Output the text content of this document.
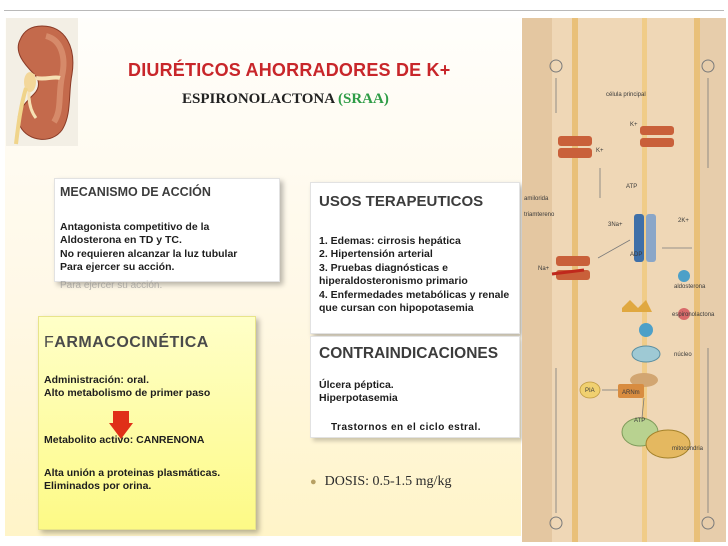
DIURÉTICOS AHORRADORES DE K+
ESPIRONOLACTONA (SRAA)
MECANISMO DE ACCIÓN
Antagonista competitivo de la
Aldosterona en TD y TC.
No requieren alcanzar la luz tubular
Para ejercer su acción.
Para ejercer su acción.
USOS TERAPEUTICOS
1. Edemas: cirrosis hepática
2. Hipertensión arterial
3. Pruebas diagnósticas e
hiperaldosteronismo primario
4. Enfermedades metabólicas y renale
que cursan con hipopotasemia
CONTRAINDICACIONES
Úlcera péptica.
Hiperpotasemia
Trastornos en el ciclo estral.
FARMACOCINÉTICA
Administración: oral.
Alto metabolismo de primer paso
Metabolito activo: CANRENONA
Alta unión a proteinas plasmáticas.
Eliminados por orina.	● DOSIS: 0.5-1.5 mg/kg
célula principal
K+
K+
amilorida
triamtereno
Na+
ATP
3Na+
2K+
ADP
aldosterona
espironolactona
núcleo
PIA	ARNm
ATP
mitocondria
